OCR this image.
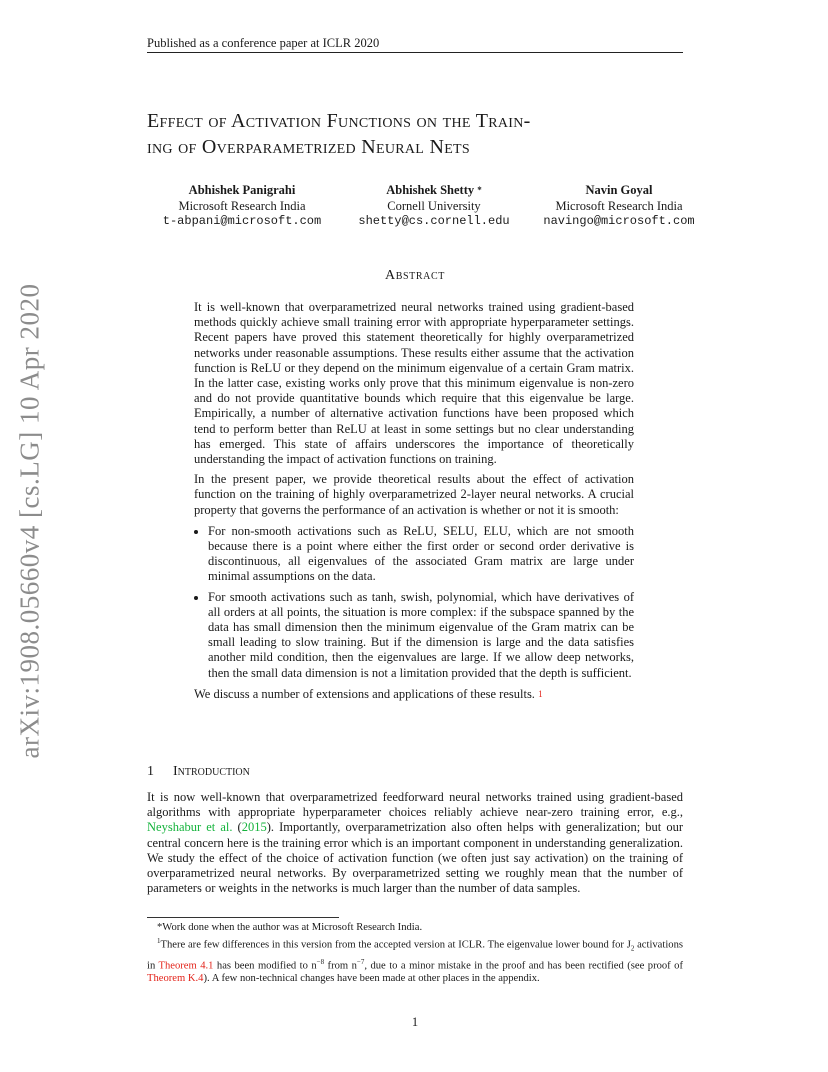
Published as a conference paper at ICLR 2020
arXiv:1908.05660v4 [cs.LG] 10 Apr 2020
Effect of Activation Functions on the Train-
ing of Overparametrized Neural Nets
Abhishek Panigrahi
Microsoft Research India
t-abpani@microsoft.com
Abhishek Shetty *
Cornell University
shetty@cs.cornell.edu
Navin Goyal
Microsoft Research India
navingo@microsoft.com
Abstract

It is well-known that overparametrized neural networks trained using gradient-based methods quickly achieve small training error with appropriate hyperparameter settings. Recent papers have proved this statement theoretically for highly overparametrized networks under reasonable assumptions. These results either assume that the activation function is ReLU or they depend on the minimum eigenvalue of a certain Gram matrix. In the latter case, existing works only prove that this minimum eigenvalue is non-zero and do not provide quantitative bounds which require that this eigenvalue be large. Empirically, a number of alternative activation functions have been proposed which tend to perform better than ReLU at least in some settings but no clear understanding has emerged. This state of affairs underscores the importance of theoretically understanding the impact of activation functions on training.

In the present paper, we provide theoretical results about the effect of activation function on the training of highly overparametrized 2-layer neural networks. A crucial property that governs the performance of an activation is whether or not it is smooth:

• For non-smooth activations such as ReLU, SELU, ELU, which are not smooth because there is a point where either the first order or second order derivative is discontinuous, all eigenvalues of the associated Gram matrix are large under minimal assumptions on the data.
• For smooth activations such as tanh, swish, polynomial, which have derivatives of all orders at all points, the situation is more complex: if the subspace spanned by the data has small dimension then the minimum eigenvalue of the Gram matrix can be small leading to slow training. But if the dimension is large and the data satisfies another mild condition, then the eigenvalues are large. If we allow deep networks, then the small data dimension is not a limitation provided that the depth is sufficient.

We discuss a number of extensions and applications of these results. $^1$

1 Introduction

It is now well-known that overparametrized feedforward neural networks trained using gradient-based algorithms with appropriate hyperparameter choices reliably achieve near-zero training error, e.g., Neyshabur et al. (2015). Importantly, overparametrization also often helps with generalization; but our central concern here is the training error which is an important component in understanding generalization. We study the effect of the choice of activation function (we often just say activation) on the training of overparametrized neural networks. By overparametrized setting we roughly mean that the number of parameters or weights in the networks is much larger than the number of data samples.

*Work done when the author was at Microsoft Research India.

$^1$There are few differences in this version from the accepted version at ICLR. The eigenvalue lower bound for $J_2$ activations in Theorem 4.1 has been modified to $n^{-8}$ from $n^{-7}$, due to a minor mistake in the proof and has been rectified (see proof of Theorem K.4). A few non-technical changes have been made at other places in the appendix.

1
